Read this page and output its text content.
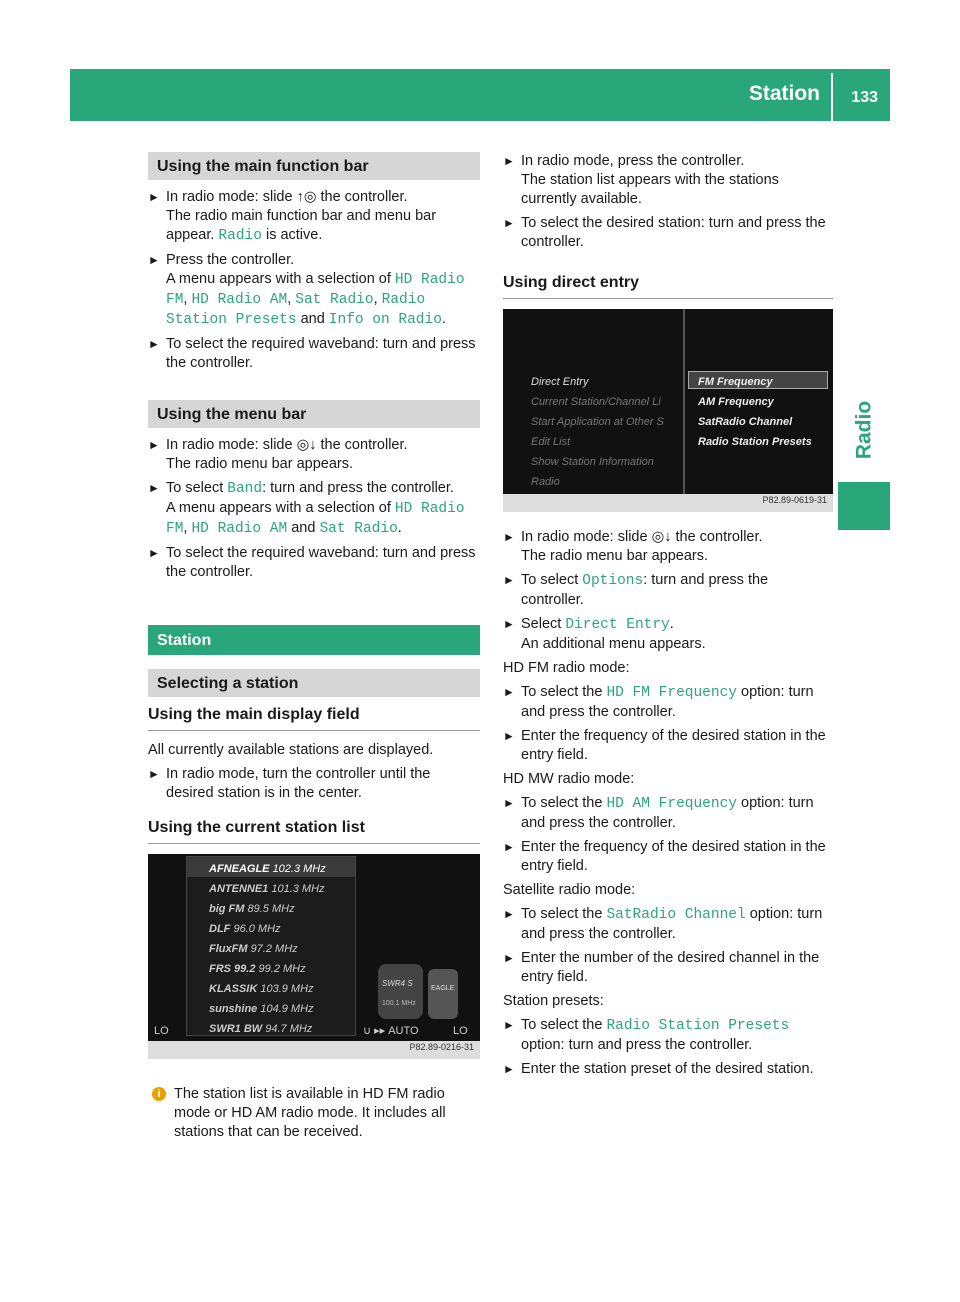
Station 133
Radio
Using the main function bar
► In radio mode: slide ↑◎ the controller.
The radio main function bar and menu bar appear. Radio is active.
► Press the controller.
A menu appears with a selection of HD Radio FM, HD Radio AM, Sat Radio, Radio Station Presets and Info on Radio.
► To select the required waveband: turn and press the controller.
Using the menu bar
► In radio mode: slide ◎↓ the controller.
The radio menu bar appears.
► To select Band: turn and press the controller.
A menu appears with a selection of HD Radio FM, HD Radio AM and Sat Radio.
► To select the required waveband: turn and press the controller.
Station
Selecting a station
Using the main display field
All currently available stations are displayed.
► In radio mode, turn the controller until the desired station is in the center.
Using the current station list
AFNEAGLE 102.3 MHz
ANTENNE1 101.3 MHz
big FM 89.5 MHz
DLF 96.0 MHz
FluxFM 97.2 MHz
FRS 99.2 99.2 MHz
KLASSIK 103.9 MHz
sunshine 104.9 MHz
SWR1 BW 94.7 MHz
SWR4 S
100.1 MHz
EAGLE
LO	∪ ▸▸ AUTO	LO
P82.89-0216-31
i The station list is available in HD FM radio mode or HD AM radio mode. It includes all stations that can be received.
► In radio mode, press the controller.
The station list appears with the stations currently available.
► To select the desired station: turn and press the controller.
Using direct entry
Direct Entry
Current Station/Channel Li
Start Application at Other S
Edit List
Show Station Information
Radio
FM Frequency
AM Frequency
SatRadio Channel
Radio Station Presets
P82.89-0619-31
► In radio mode: slide ◎↓ the controller.
The radio menu bar appears.
► To select Options: turn and press the controller.
► Select Direct Entry.
An additional menu appears.
HD FM radio mode:
► To select the HD FM Frequency option: turn and press the controller.
► Enter the frequency of the desired station in the entry field.
HD MW radio mode:
► To select the HD AM Frequency option: turn and press the controller.
► Enter the frequency of the desired station in the entry field.
Satellite radio mode:
► To select the SatRadio Channel option: turn and press the controller.
► Enter the number of the desired channel in the entry field.
Station presets:
► To select the Radio Station Presets
option: turn and press the controller.
► Enter the station preset of the desired station.
